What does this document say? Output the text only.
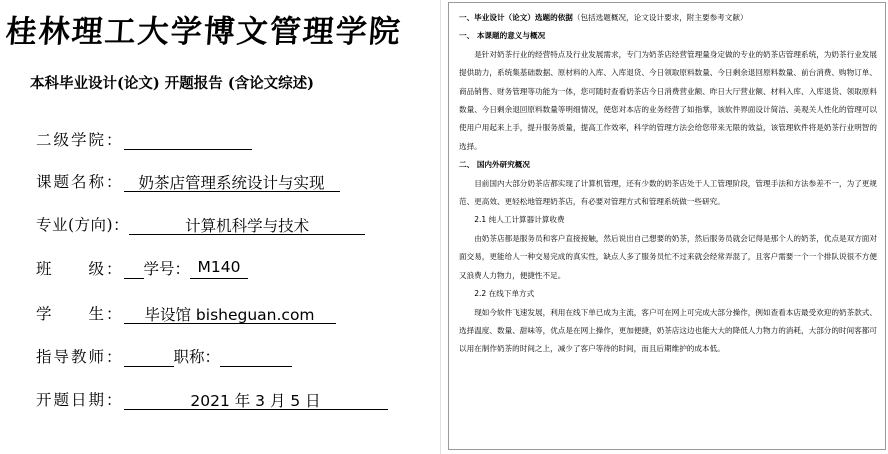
桂林理工大学博文管理学院
本科毕业设计(论文) 开题报告 (含论文综述)
二级学院：
课题名称： 奶茶店管理系统设计与实现
专业(方向)：	计算机科学与技术
班　　级： 学号： M140
学　　生： 毕设馆 bisheguan.com
指导教师：	职称：
开题日期：	2021 年 3 月 5 日

一、毕业设计（论文）选题的依据（包括选题概况，论文设计要求，附主要参考文献）

一、 本课题的意义与概况

是针对奶茶行业的经营特点及行业发展需求，专门为奶茶店经营管理量身定做的专业的奶茶店管理系统，为奶茶行业发展提供助力，系统集基础数据、原材料的入库、入库退货、今日领取原料数量、今日剩余退回原料数量、前台消费、购物订单、商品销售、财务管理等功能为一体，您可随时查看奶茶店今日消费营业额、昨日大厅营业额、材料入库、入库退货、领取原料数量、今日剩余退回原料数量等明细情况，使您对本店的业务经营了如指掌，该软件界面设计简洁、美观关人性化的管理可以使用户用起来上手，提升服务质量，提高工作效率，科学的管理方法会给您带来无限的效益，该管理软件将是奶茶行业明智的选择。

二、 国内外研究概况

目前国内大部分奶茶店都实现了计算机管理，还有少数的奶茶店处于人工管理阶段，管理手法和方法参差不一，为了更规范、更高效、更轻松地管理奶茶店，有必要对管理方式和管理系统做一些研究。

2.1 纯人工计算器计算收费

由奶茶店都是服务员和客户直接接触，然后说出自己想要的奶茶，然后服务员就会记得是那个人的奶茶，优点是双方面对面交易，更能给人一种交易完成的真实性，缺点人多了服务员忙不过来就会经常弄混了，且客户需要一个一个排队说很不方便又浪费人力物力，便捷性不足。

2.2 在线下单方式

现如今软件飞速发展，利用在线下单已成为主流，客户可在网上可完成大部分操作，例如查看本店最受欢迎的奶茶款式、选择温度、数量、甜味等，优点是在网上操作，更加便捷，奶茶店这边也能大大的降低人力物力的消耗，大部分的时间客都可以用在制作奶茶的时间之上，减少了客户等待的时间，而且后期维护的成本低。
